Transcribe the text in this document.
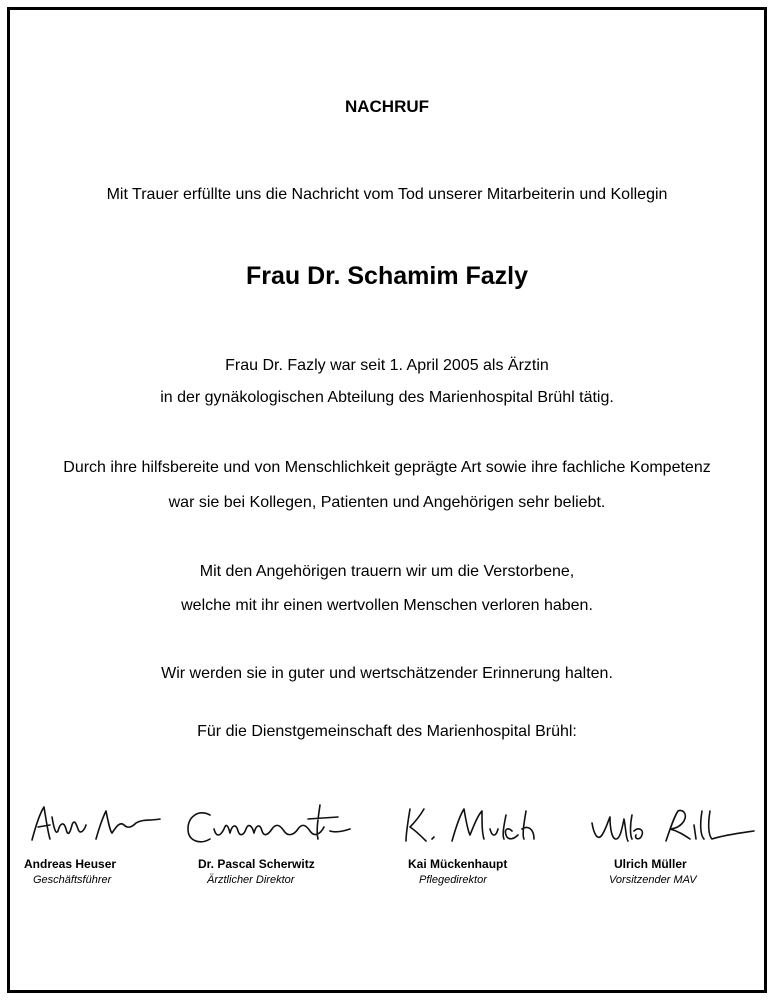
NACHRUF
Mit Trauer erfüllte uns die Nachricht vom Tod unserer Mitarbeiterin und Kollegin
Frau Dr. Schamim Fazly
Frau Dr. Fazly war seit 1. April 2005 als Ärztin
in der gynäkologischen Abteilung des Marienhospital Brühl tätig.
Durch ihre hilfsbereite und von Menschlichkeit geprägte Art sowie ihre fachliche Kompetenz
war sie bei Kollegen, Patienten und Angehörigen sehr beliebt.
Mit den Angehörigen trauern wir um die Verstorbene,
welche mit ihr einen wertvollen Menschen verloren haben.
Wir werden sie in guter und wertschätzender Erinnerung halten.
Für die Dienstgemeinschaft des Marienhospital Brühl:
Andreas Heuser
Geschäftsführer
Dr. Pascal Scherwitz
Ärztlicher Direktor
Kai Mückenhaupt
Pflegedirektor
Ulrich Müller
Vorsitzender MAV
